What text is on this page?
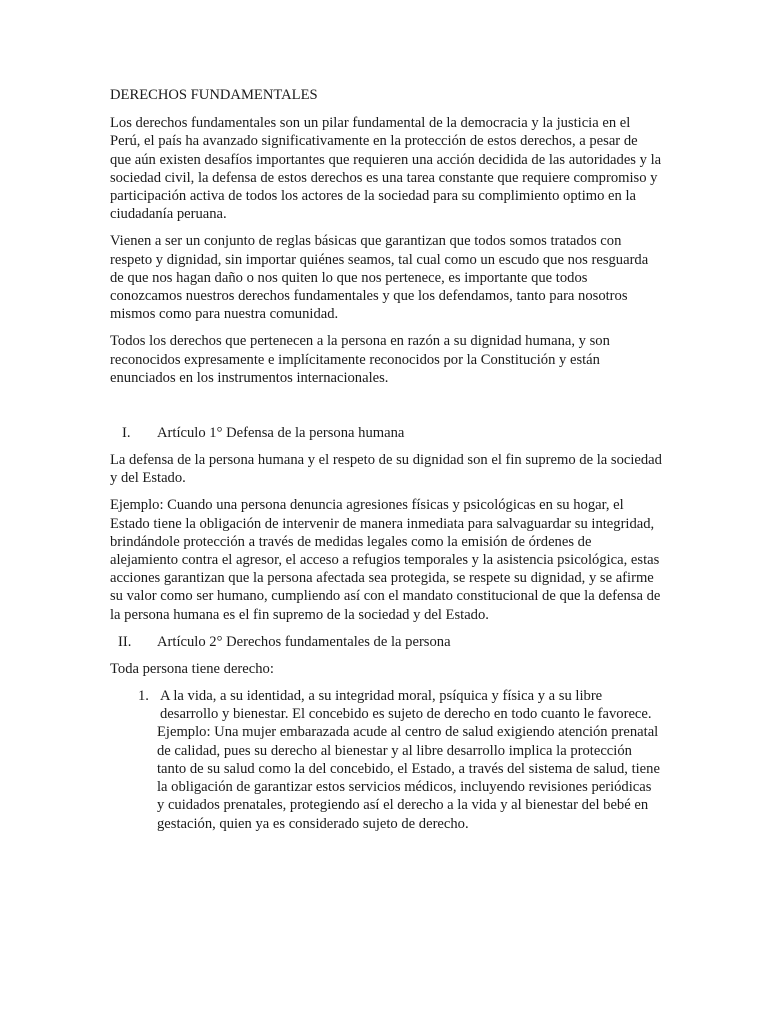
DERECHOS FUNDAMENTALES

Los derechos fundamentales son un pilar fundamental de la democracia y la justicia en el Perú, el país ha avanzado significativamente en la protección de estos derechos, a pesar de que aún existen desafíos importantes que requieren una acción decidida de las autoridades y la sociedad civil, la defensa de estos derechos es una tarea constante que requiere compromiso y participación activa de todos los actores de la sociedad para su complimiento optimo en la ciudadanía peruana.

Vienen a ser un conjunto de reglas básicas que garantizan que todos somos tratados con respeto y dignidad, sin importar quiénes seamos, tal cual como un escudo que nos resguarda de que nos hagan daño o nos quiten lo que nos pertenece, es importante que todos conozcamos nuestros derechos fundamentales y que los defendamos, tanto para nosotros mismos como para nuestra comunidad.

Todos los derechos que pertenecen a la persona en razón a su dignidad humana, y son reconocidos expresamente e implícitamente reconocidos por la Constitución y están enunciados en los instrumentos internacionales.

I.	Artículo 1° Defensa de la persona humana

La defensa de la persona humana y el respeto de su dignidad son el fin supremo de la sociedad y del Estado.

Ejemplo: Cuando una persona denuncia agresiones físicas y psicológicas en su hogar, el Estado tiene la obligación de intervenir de manera inmediata para salvaguardar su integridad, brindándole protección a través de medidas legales como la emisión de órdenes de alejamiento contra el agresor, el acceso a refugios temporales y la asistencia psicológica, estas acciones garantizan que la persona afectada sea protegida, se respete su dignidad, y se afirme su valor como ser humano, cumpliendo así con el mandato constitucional de que la defensa de la persona humana es el fin supremo de la sociedad y del Estado.

II.	Artículo 2° Derechos fundamentales de la persona

Toda persona tiene derecho:

1. A la vida, a su identidad, a su integridad moral, psíquica y física y a su libre desarrollo y bienestar. El concebido es sujeto de derecho en todo cuanto le favorece.
Ejemplo: Una mujer embarazada acude al centro de salud exigiendo atención prenatal de calidad, pues su derecho al bienestar y al libre desarrollo implica la protección tanto de su salud como la del concebido, el Estado, a través del sistema de salud, tiene la obligación de garantizar estos servicios médicos, incluyendo revisiones periódicas y cuidados prenatales, protegiendo así el derecho a la vida y al bienestar del bebé en gestación, quien ya es considerado sujeto de derecho.
